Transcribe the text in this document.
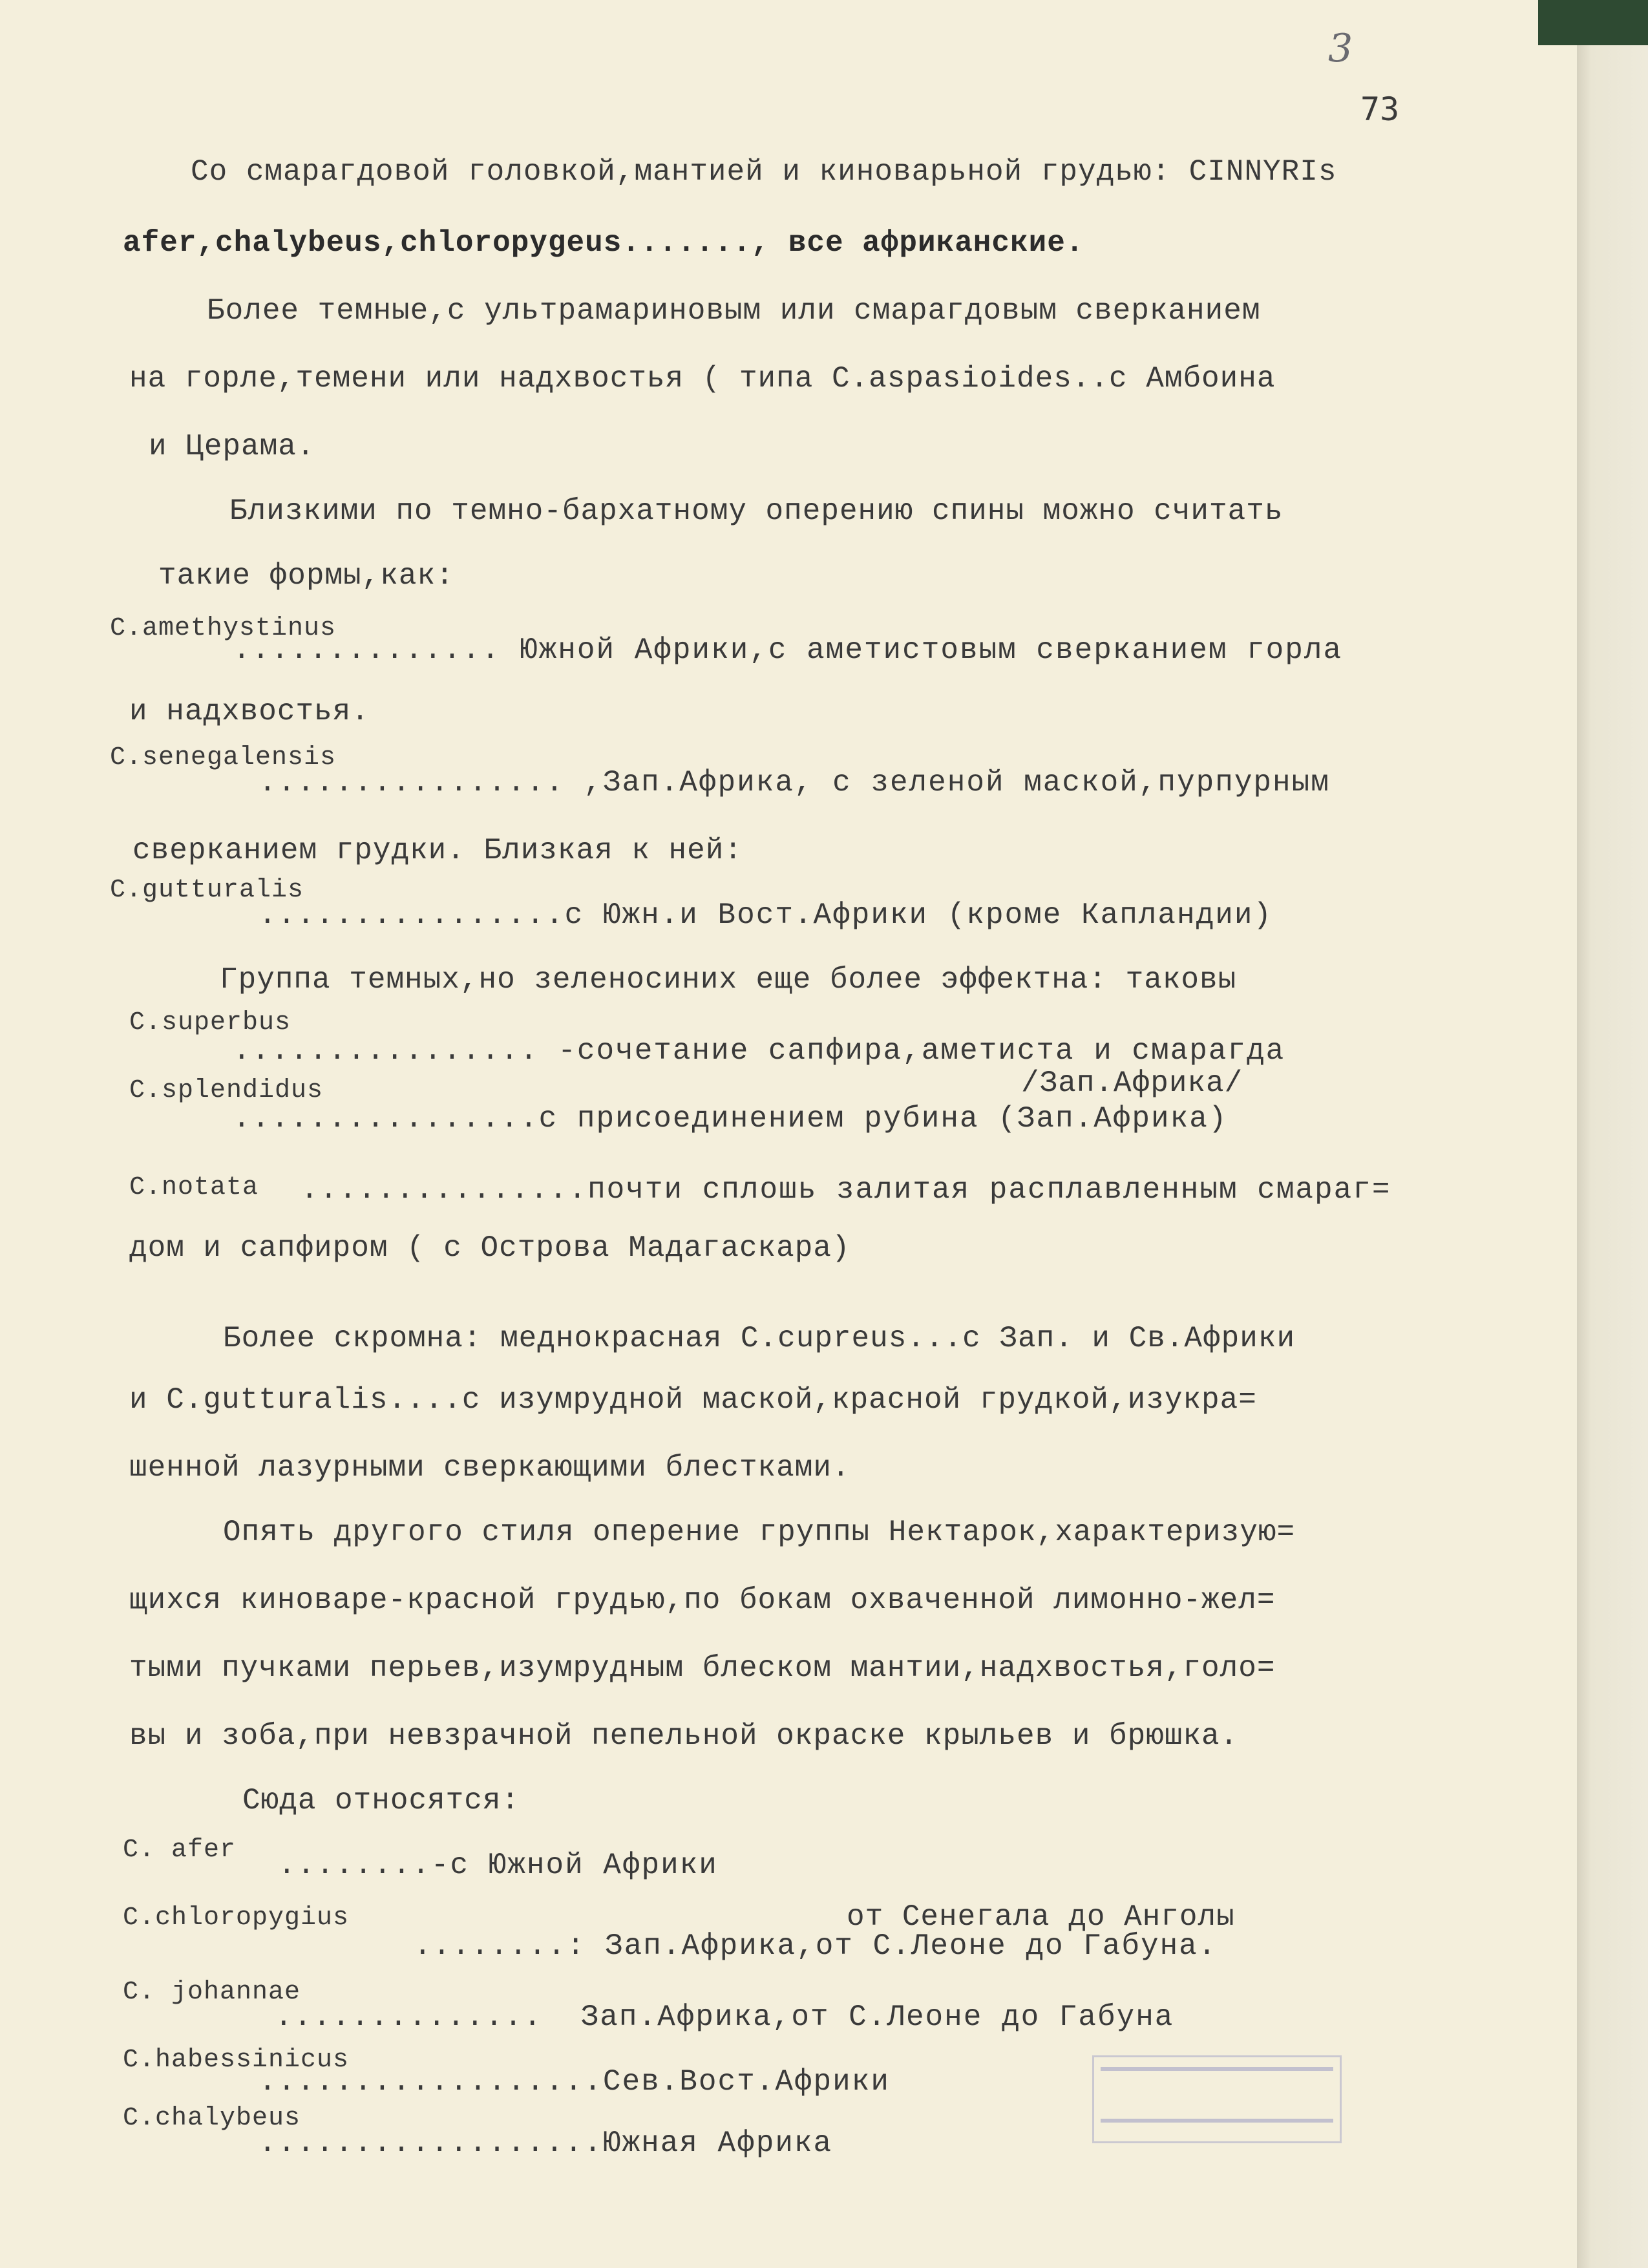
3
73
Со смарагдовой головкой,мантией и киноварьной грудью: CINNYRIs
afer,chalybeus,chloropygeus......., все африканские.
Более темные,с ультрамариновым или смарагдовым сверканием
на горле,темени или надхвостья ( типа C.aspasioides..с Амбоина
и Церама.
Близкими по темно-бархатному оперению спины можно считать
такие формы,как:
C.amethystinus
.............. Южной Африки,с аметистовым сверканием горла
и надхвостья.
C.senegalensis
................ ,Зап.Африка, с зеленой маской,пурпурным
сверканием грудки. Близкая к ней:
C.gutturalis
................с Южн.и Вост.Африки (кроме Капландии)
Группа темных,но зеленосиних еще более эффектна: таковы
C.superbus
................ -сочетание сапфира,аметиста и смарагда
/Зап.Африка/
C.splendidus
................с присоединением рубина (Зап.Африка)
C.notata ...............почти сплошь залитая расплавленным смараг=
дом и сапфиром ( с Острова Мадагаскара)
Более скромна: меднокрасная C.cupreus...с Зап. и Св.Африки
и C.gutturalis....с изумрудной маской,красной грудкой,изукра=
шенной лазурными сверкающими блестками.
Опять другого стиля оперение группы Нектарок,характеризую=
щихся киноваре-красной грудью,по бокам охваченной лимонно-жел=
тыми пучками перьев,изумрудным блеском мантии,надхвостья,голо=
вы и зоба,при невзрачной пепельной окраске крыльев и брюшка.
Сюда относятся:
C. afer ........-с Южной Африки
от Сенегала до Анголы
C.chloropygius
........: Зап.Африка,от С.Леоне до Габуна.
C. johannae
..............  Зап.Африка,от С.Леоне до Габуна
C.habessinicus
..................Сев.Вост.Африки
C.chalybeus
..................Южная Африка
